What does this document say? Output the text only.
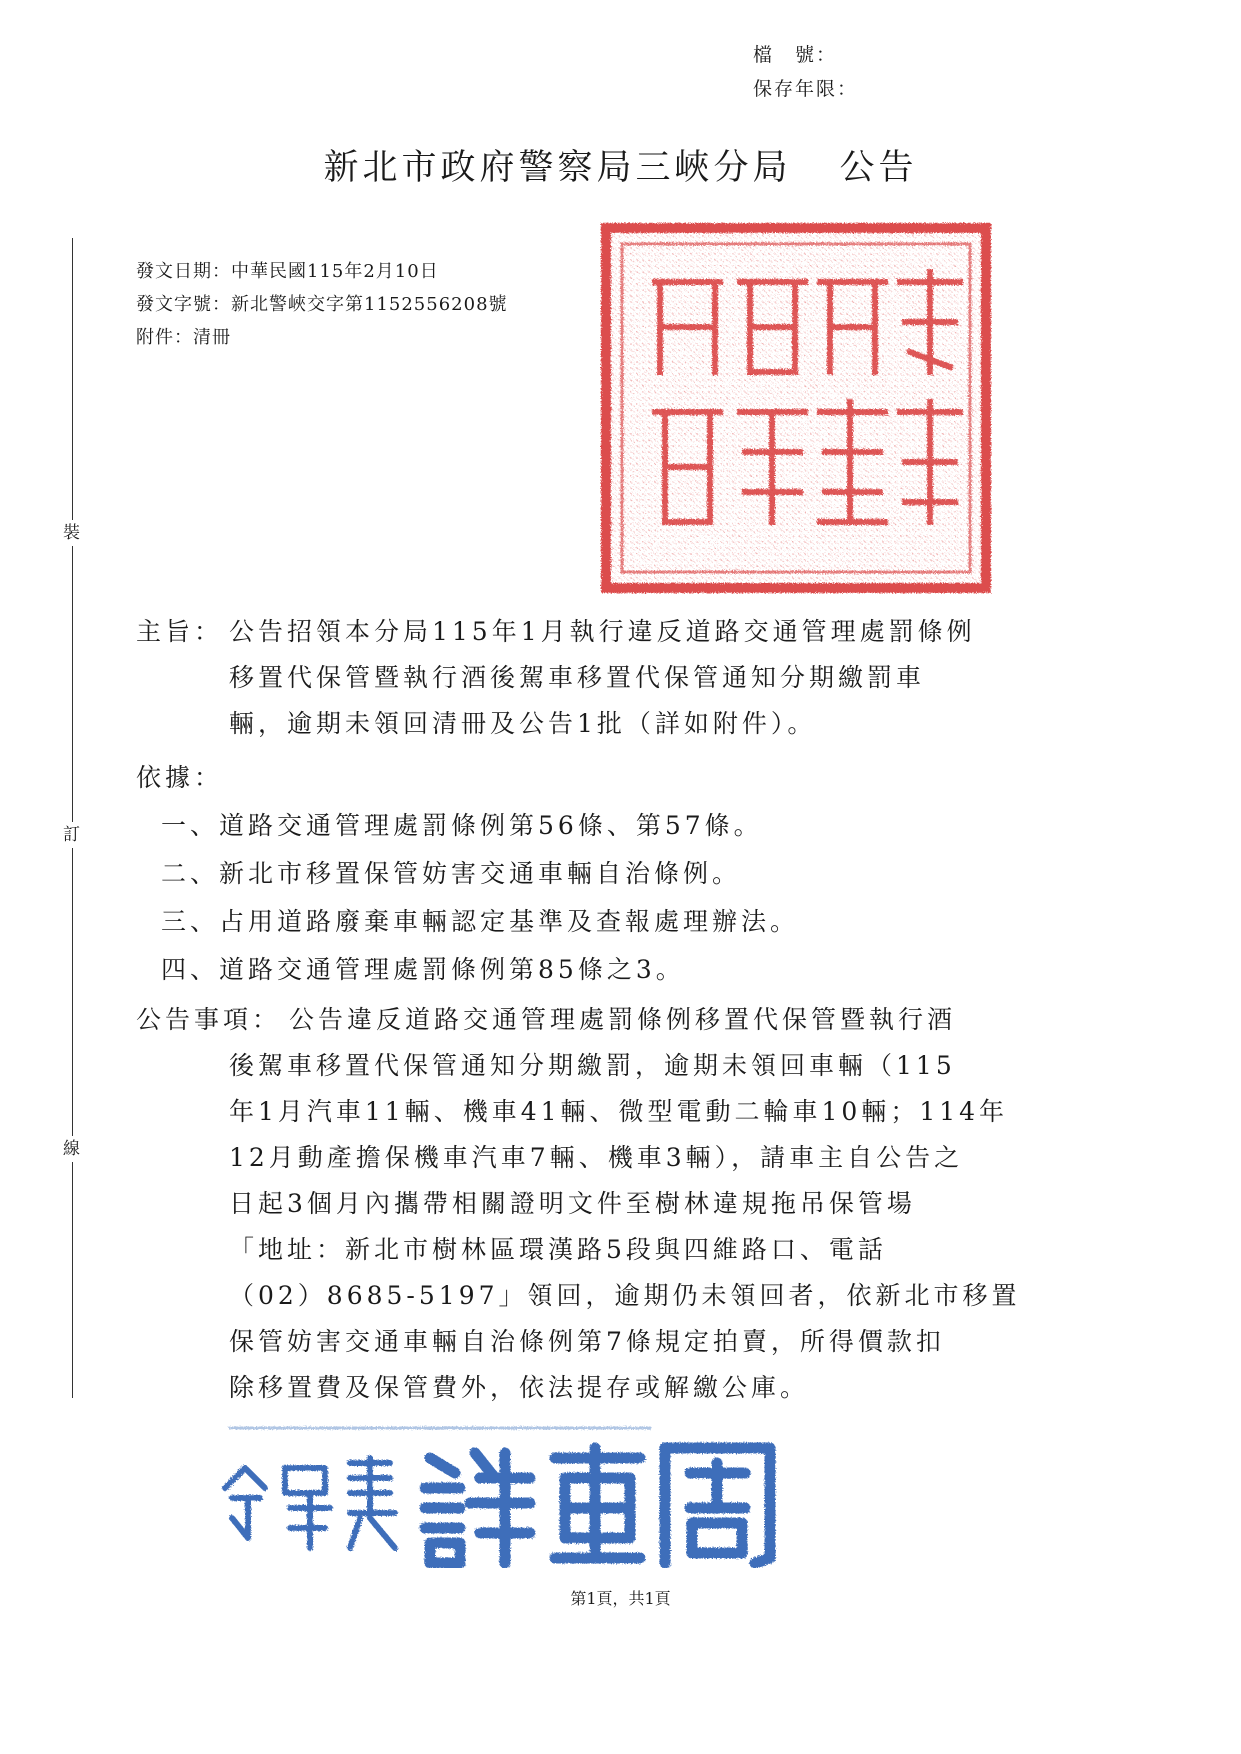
檔　號：
保存年限：
新北市政府警察局三峽分局 公告
裝
訂
線
發文日期：中華民國115年2月10日
發文字號：新北警峽交字第1152556208號
附件：清冊
主旨： 公告招領本分局115年1月執行違反道路交通管理處罰條例
移置代保管暨執行酒後駕車移置代保管通知分期繳罰車
輛，逾期未領回清冊及公告1批（詳如附件）。
依據：
一、道路交通管理處罰條例第56條、第57條。
二、新北市移置保管妨害交通車輛自治條例。
三、占用道路廢棄車輛認定基準及查報處理辦法。
四、道路交通管理處罰條例第85條之3。
公告事項： 公告違反道路交通管理處罰條例移置代保管暨執行酒
後駕車移置代保管通知分期繳罰，逾期未領回車輛（115
年1月汽車11輛、機車41輛、微型電動二輪車10輛；114年
12月動產擔保機車汽車7輛、機車3輛），請車主自公告之
日起3個月內攜帶相關證明文件至樹林違規拖吊保管場
「地址：新北市樹林區環漢路5段與四維路口、電話
（02）8685-5197」領回，逾期仍未領回者，依新北市移置
保管妨害交通車輛自治條例第7條規定拍賣，所得價款扣
除移置費及保管費外，依法提存或解繳公庫。
第1頁，共1頁
